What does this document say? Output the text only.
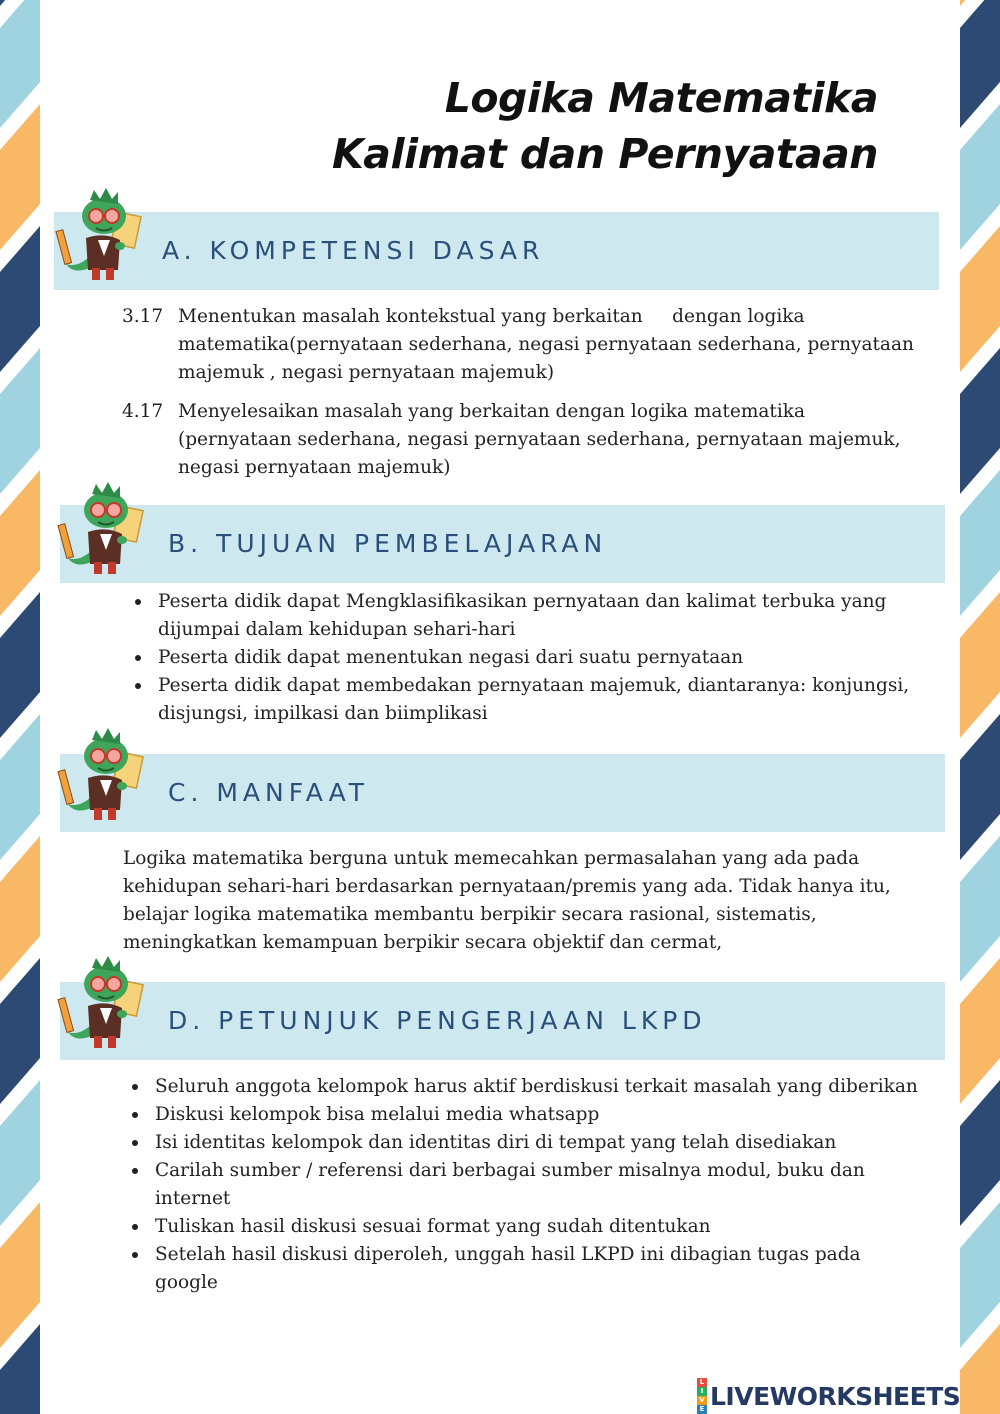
Logika Matematika
Kalimat dan Pernyataan
A. KOMPETENSI DASAR
3.17 Menentukan masalah kontekstual yang berkaitan     dengan logika matematika(pernyataan sederhana, negasi pernyataan sederhana, pernyataan majemuk , negasi pernyataan majemuk)
4.17 Menyelesaikan masalah yang berkaitan dengan logika matematika (pernyataan sederhana, negasi pernyataan sederhana, pernyataan majemuk, negasi pernyataan majemuk)
B. TUJUAN PEMBELAJARAN
Peserta didik dapat Mengklasifikasikan pernyataan dan kalimat terbuka yang dijumpai dalam kehidupan sehari-hari
Peserta didik dapat menentukan negasi dari suatu pernyataan
Peserta didik dapat membedakan pernyataan majemuk, diantaranya: konjungsi, disjungsi, impilkasi dan biimplikasi
C. MANFAAT
Logika matematika berguna untuk memecahkan permasalahan yang ada pada kehidupan sehari-hari berdasarkan pernyataan/premis yang ada. Tidak hanya itu, belajar logika matematika membantu berpikir secara rasional, sistematis, meningkatkan kemampuan berpikir secara objektif dan cermat,
D. PETUNJUK PENGERJAAN LKPD
Seluruh anggota kelompok harus aktif berdiskusi terkait masalah yang diberikan
Diskusi kelompok bisa melalui media whatsapp
Isi identitas kelompok dan identitas diri di tempat yang telah disediakan
Carilah sumber / referensi dari berbagai sumber misalnya modul, buku dan internet
Tuliskan hasil diskusi sesuai format yang sudah ditentukan
Setelah hasil diskusi diperoleh, unggah hasil LKPD ini dibagian tugas pada google
L
I
V
E LIVEWORKSHEETS
